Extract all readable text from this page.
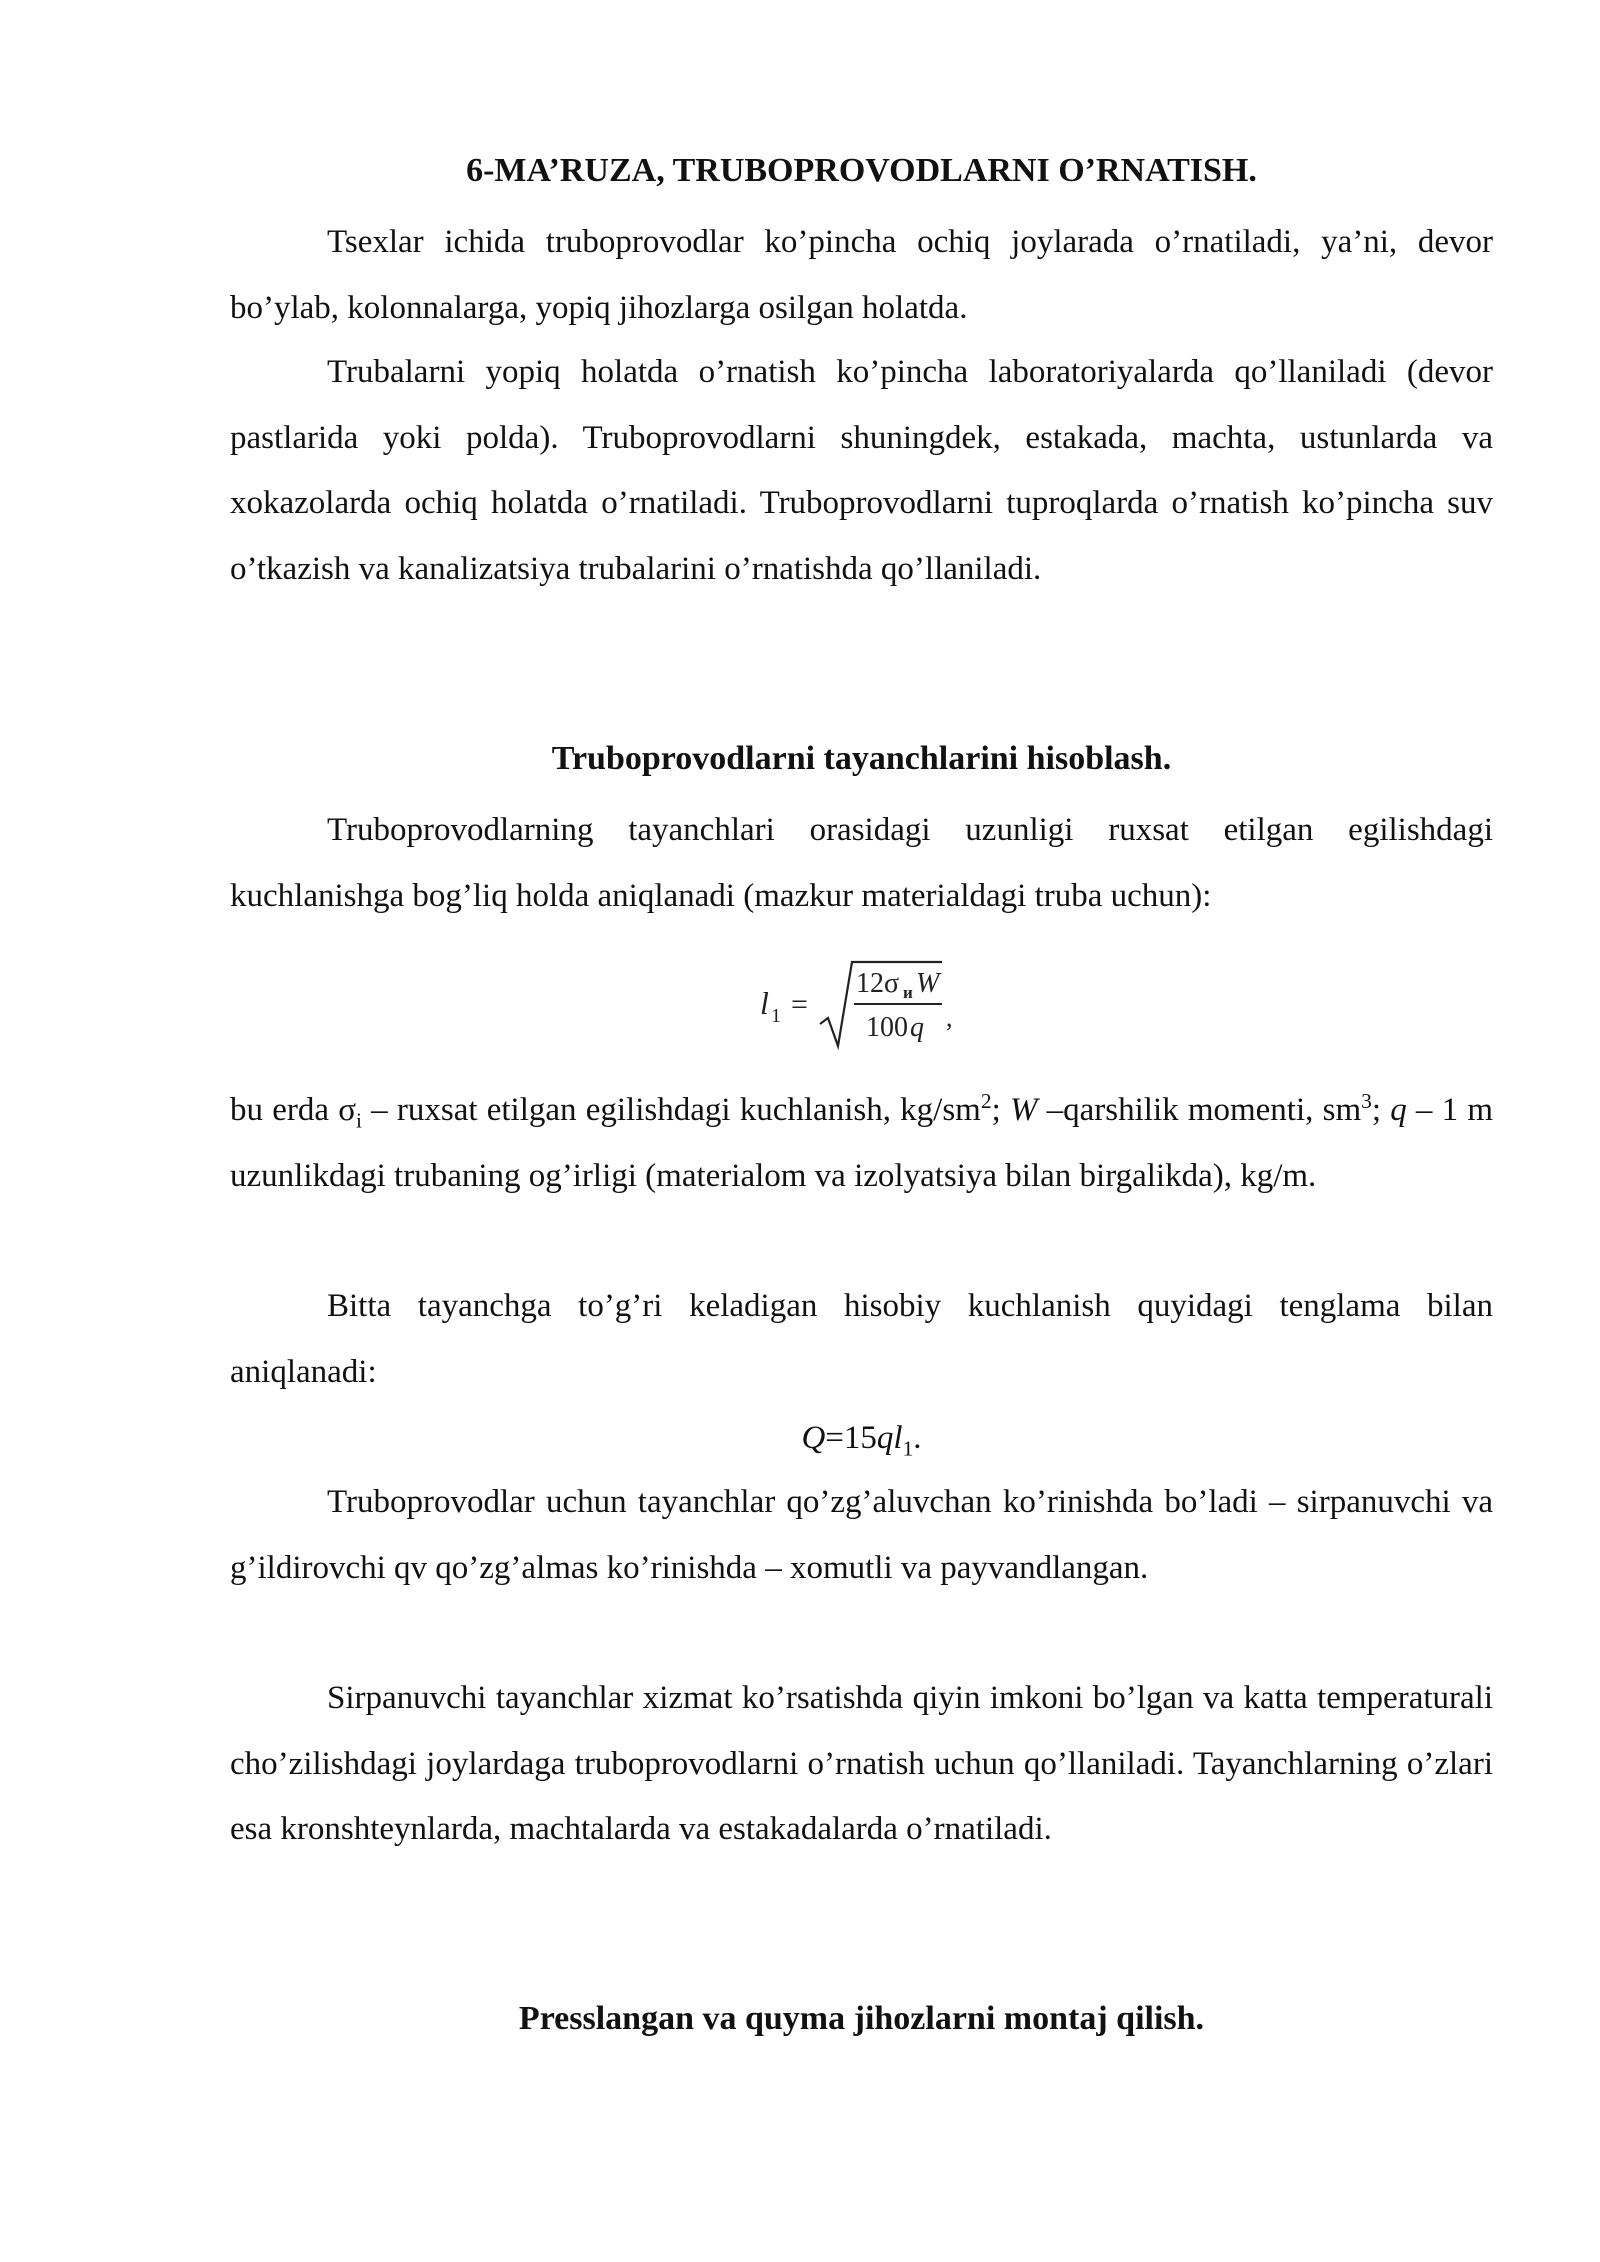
6-MA’RUZA, TRUBOPROVODLARNI O’RNATISH.

Tsexlar ichida truboprovodlar ko’pincha ochiq joylarada o’rnatiladi, ya’ni, devor bo’ylab, kolonnalarga, yopiq jihozlarga osilgan holatda.

Trubalarni yopiq holatda o’rnatish ko’pincha laboratoriyalarda qo’llaniladi (devor pastlarida yoki polda). Truboprovodlarni shuningdek, estakada, machta, ustunlarda va xokazolarda ochiq holatda o’rnatiladi. Truboprovodlarni tuproqlarda o’rnatish ko’pincha suv o’tkazish va kanalizatsiya trubalarini o’rnatishda qo’llaniladi.

Truboprovodlarni tayanchlarini hisoblash.

Truboprovodlarning tayanchlari orasidagi uzunligi ruxsat etilgan egilishdagi kuchlanishga bog’liq holda aniqlanadi (mazkur materialdagi truba uchun):

l 1 =
12σ и W
100 q ,

bu erda $\sigma_i$ – ruxsat etilgan egilishdagi kuchlanish, $kg/sm^2$; W –qarshilik momenti, $sm^3$; q – 1 m uzunlikdagi trubaning og’irligi (materialom va izolyatsiya bilan birgalikda), kg/m.

Bitta tayanchga to’g’ri keladigan hisobiy kuchlanish quyidagi tenglama bilan aniqlanadi:

$Q=15ql_1$.

Truboprovodlar uchun tayanchlar qo’zg’aluvchan ko’rinishda bo’ladi – sirpanuvchi va g’ildirovchi qv qo’zg’almas ko’rinishda – xomutli va payvandlangan.

Sirpanuvchi tayanchlar xizmat ko’rsatishda qiyin imkoni bo’lgan va katta temperaturali cho’zilishdagi joylardaga truboprovodlarni o’rnatish uchun qo’llaniladi. Tayanchlarning o’zlari esa kronshteynlarda, machtalarda va estakadalarda o’rnatiladi.

Presslangan va quyma jihozlarni montaj qilish.
